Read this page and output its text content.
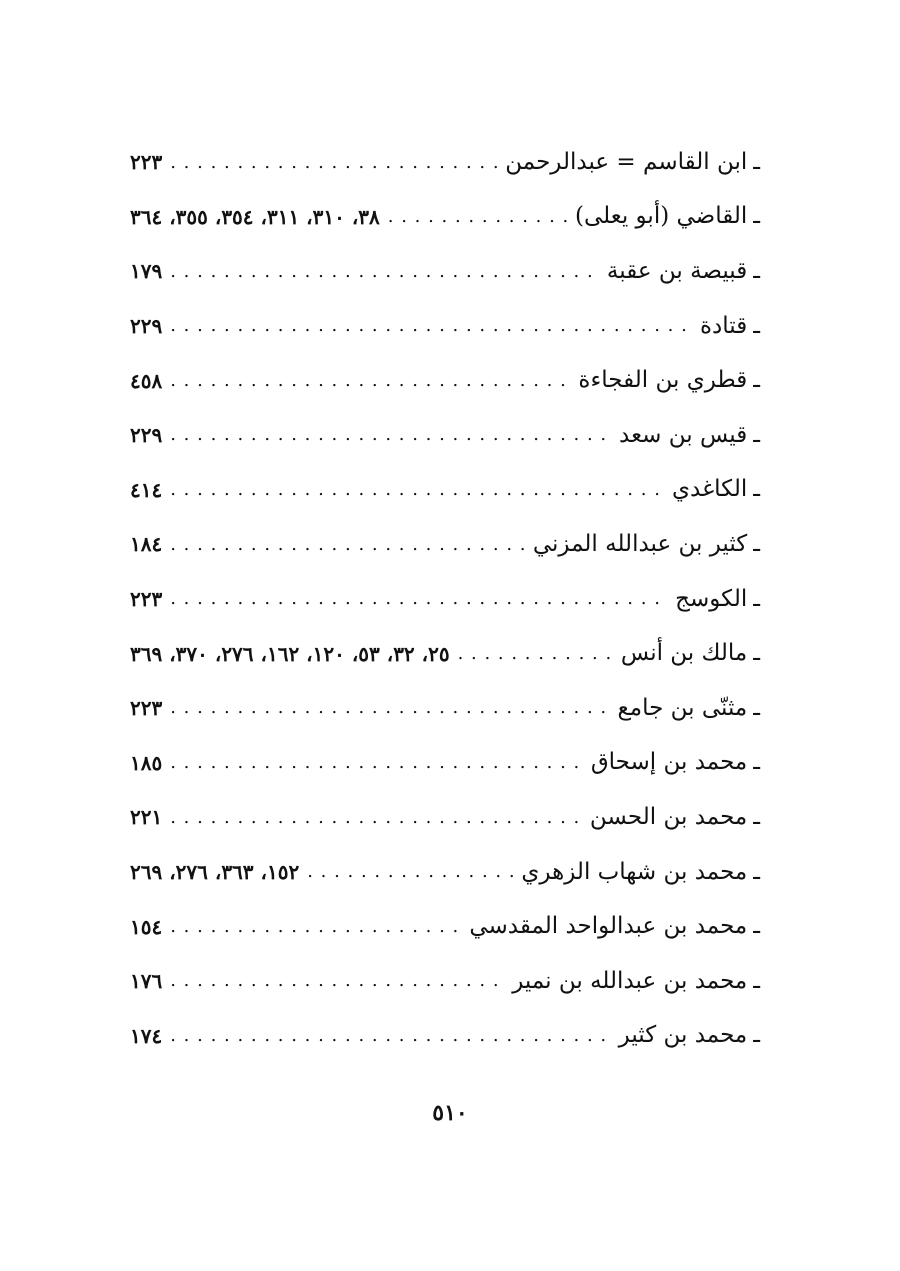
ـ
ابن القاسم = عبدالرحمن
. . .
٢٢٣
ـ
القاضي (أبو يعلى)
. . .
٣٨، ٣١٠، ٣١١، ٣٥٤، ٣٥٥، ٣٦٤
ـ
قبيصة بن عقبة
. . .
١٧٩
ـ
قتادة
. . .
٢٢٩
ـ
قطري بن الفجاءة
. . .
٤٥٨
ـ
قيس بن سعد
. . .
٢٢٩
ـ
الكاغدي
. . .
٤١٤
ـ
كثير بن عبدالله المزني
. . .
١٨٤
ـ
الكوسج
. . .
٢٢٣
ـ
مالك بن أنس
. . .
٢٥، ٣٢، ٥٣، ١٢٠، ١٦٢، ٢٧٦، ٣٧٠، ٣٦٩
ـ
مثنّى بن جامع
. . .
٢٢٣
ـ
محمد بن إسحاق
. . .
١٨٥
ـ
محمد بن الحسن
. . .
٢٢١
ـ
محمد بن شهاب الزهري
. . .
١٥٢، ٣٦٣، ٢٧٦، ٢٦٩
ـ
محمد بن عبدالواحد المقدسي
. . .
١٥٤
ـ
محمد بن عبدالله بن نمير
. . .
١٧٦
ـ
محمد بن كثير
. . .
١٧٤
٥١٠
